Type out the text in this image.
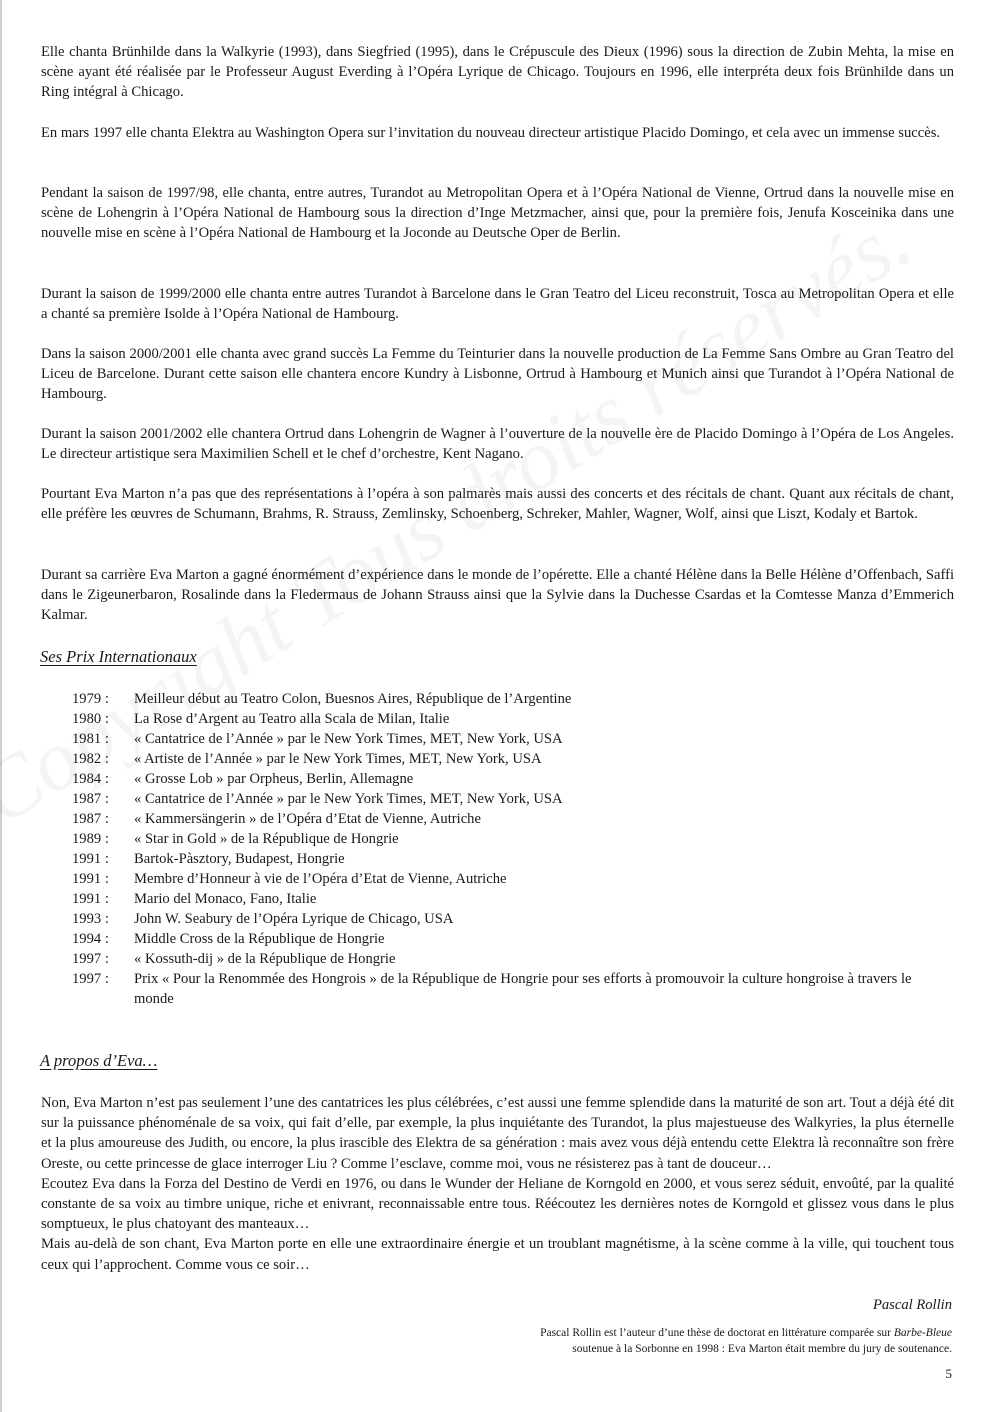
Elle chanta Brünhilde dans la Walkyrie (1993), dans Siegfried (1995), dans le Crépuscule des Dieux (1996) sous la direction de Zubin Mehta, la mise en scène ayant été réalisée par le Professeur August Everding à l’Opéra Lyrique de Chicago. Toujours en 1996, elle interpréta deux fois Brünhilde dans un Ring intégral à Chicago.

En mars 1997 elle chanta Elektra au Washington Opera sur l’invitation du nouveau directeur artistique Placido Domingo, et cela avec un immense succès.

Pendant la saison de 1997/98, elle chanta, entre autres, Turandot au Metropolitan Opera et à l’Opéra National de Vienne, Ortrud dans la nouvelle mise en scène de Lohengrin à l’Opéra National de Hambourg sous la direction d’Inge Metzmacher, ainsi que, pour la première fois, Jenufa Kosceinika dans une nouvelle mise en scène à l’Opéra National de Hambourg et la Joconde au Deutsche Oper de Berlin.

Durant la saison de 1999/2000 elle chanta entre autres Turandot à Barcelone dans le Gran Teatro del Liceu reconstruit, Tosca au Metropolitan Opera et elle a chanté sa première Isolde à l’Opéra National de Hambourg.

Dans la saison 2000/2001 elle chanta avec grand succès La Femme du Teinturier dans la nouvelle production de La Femme Sans Ombre au Gran Teatro del Liceu de Barcelone. Durant cette saison elle chantera encore Kundry à Lisbonne, Ortrud à Hambourg et Munich ainsi que Turandot à l’Opéra National de Hambourg.

Durant la saison 2001/2002 elle chantera Ortrud dans Lohengrin de Wagner à l’ouverture de la nouvelle ère de Placido Domingo à l’Opéra de Los Angeles. Le directeur artistique sera Maximilien Schell et le chef d’orchestre, Kent Nagano.

Pourtant Eva Marton n’a pas que des représentations à l’opéra à son palmarès mais aussi des concerts et des récitals de chant. Quant aux récitals de chant, elle préfère les œuvres de Schumann, Brahms, R. Strauss, Zemlinsky, Schoenberg, Schreker, Mahler, Wagner, Wolf, ainsi que Liszt, Kodaly et Bartok.

Durant sa carrière Eva Marton a gagné énormément d’expérience dans le monde de l’opérette. Elle a chanté Hélène dans la Belle Hélène d’Offenbach, Saffi dans le Zigeunerbaron, Rosalinde dans la Fledermaus de Johann Strauss ainsi que la Sylvie dans la Duchesse Csardas et la Comtesse Manza d’Emmerich Kalmar.

Ses Prix Internationaux
1979 :	Meilleur début au Teatro Colon, Buesnos Aires, République de l’Argentine
1980 :	La Rose d’Argent au Teatro alla Scala de Milan, Italie
1981 :	« Cantatrice de l’Année » par le New York Times, MET, New York, USA
1982 :	« Artiste de l’Année » par le New York Times, MET, New York, USA
1984 :	« Grosse Lob » par Orpheus, Berlin, Allemagne
1987 :	« Cantatrice de l’Année » par le New York Times, MET, New York, USA
1987 :	« Kammersängerin » de l’Opéra d’Etat de Vienne, Autriche
1989 :	« Star in Gold » de la République de Hongrie
1991 :	Bartok-Pàsztory, Budapest, Hongrie
1991 :	Membre d’Honneur à vie de l’Opéra d’Etat de Vienne, Autriche
1991 :	Mario del Monaco, Fano, Italie
1993 :	John W. Seabury de l’Opéra Lyrique de Chicago, USA
1994 :	Middle Cross de la République de Hongrie
1997 :	« Kossuth-dij » de la République de Hongrie
1997 :	Prix « Pour la Renommée des Hongrois » de la République de Hongrie pour ses efforts à promouvoir la culture hongroise à travers le monde
A propos d’Eva…

Non, Eva Marton n’est pas seulement l’une des cantatrices les plus célébrées, c’est aussi une femme splendide dans la maturité de son art. Tout a déjà été dit sur la puissance phénoménale de sa voix, qui fait d’elle, par exemple, la plus inquiétante des Turandot, la plus majestueuse des Walkyries, la plus éternelle et la plus amoureuse des Judith, ou encore, la plus irascible des Elektra de sa génération : mais avez vous déjà entendu cette Elektra là reconnaître son frère Oreste, ou cette princesse de glace interroger Liu ? Comme l’esclave, comme moi, vous ne résisterez pas à tant de douceur…

Ecoutez Eva dans la Forza del Destino de Verdi en 1976, ou dans le Wunder der Heliane de Korngold en 2000, et vous serez séduit, envoûté, par la qualité constante de sa voix au timbre unique, riche et enivrant, reconnaissable entre tous. Réécoutez les dernières notes de Korngold et glissez vous dans le plus somptueux, le plus chatoyant des manteaux…

Mais au-delà de son chant, Eva Marton porte en elle une extraordinaire énergie et un troublant magnétisme, à la scène comme à la ville, qui touchent tous ceux qui l’approchent. Comme vous ce soir…

Pascal Rollin

Pascal Rollin est l’auteur d’une thèse de doctorat en littérature comparée sur Barbe-Bleue
soutenue à la Sorbonne en 1998 : Eva Marton était membre du jury de soutenance.

5
